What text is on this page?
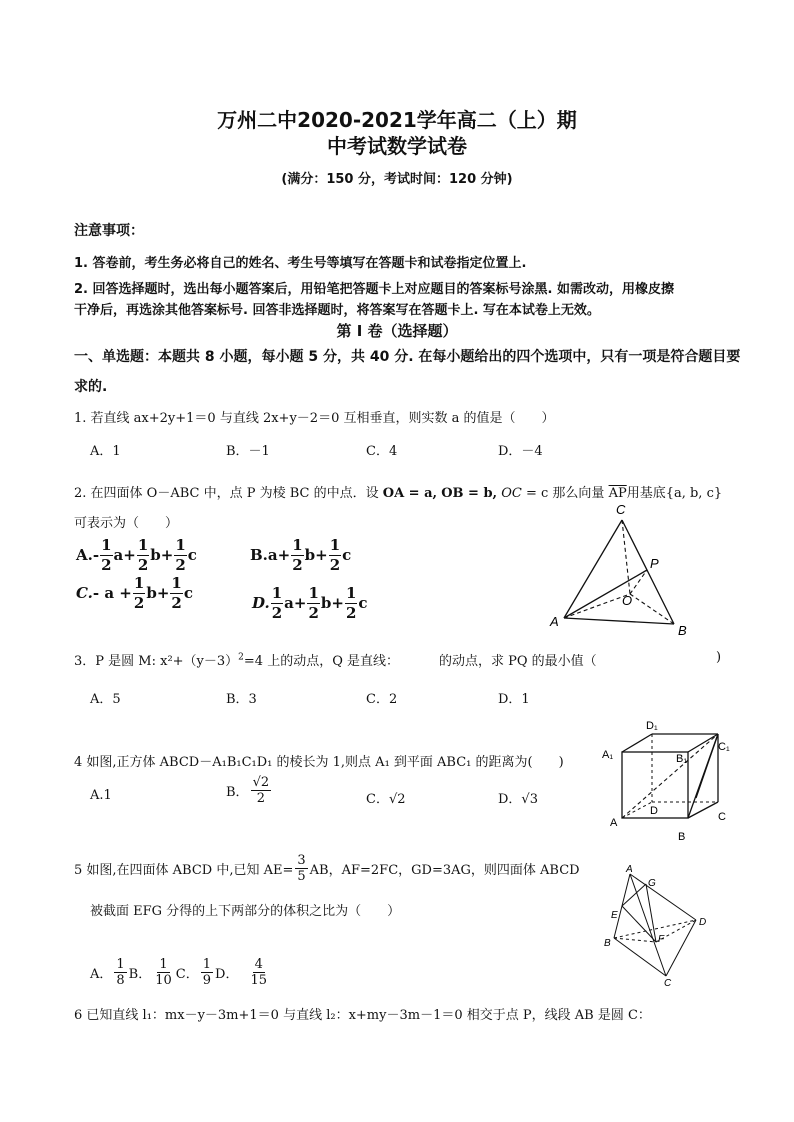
万州二中2020-2021学年高二（上）期
中考试数学试卷
(满分：150 分，考试时间：120 分钟)
注意事项：
1. 答卷前，考生务必将自己的姓名、考生号等填写在答题卡和试卷指定位置上.
2. 回答选择题时，选出每小题答案后，用铅笔把答题卡上对应题目的答案标号涂黑. 如需改动，用橡皮擦
干净后，再选涂其他答案标号. 回答非选择题时，将答案写在答题卡上. 写在本试卷上无效。
第 I 卷（选择题）
一、单选题：本题共 8 小题，每小题 5 分，共 40 分. 在每小题给出的四个选项中，只有一项是符合题目要
求的.
1. 若直线 ax+2y+1＝0 与直线 2x+y－2＝0 互相垂直，则实数 a 的值是（　　）
A．1	B．－1	C．4	D．－4
2. 在四面体 O－ABC 中，点 P 为棱 BC 的中点．设 OA = a, OB = b, OC = c 那么向量 $\overline{AP}$用基底{a, b, c}
可表示为（　　）
$A.- \frac{1}{2} a+ \frac{1}{2} b+ \frac{1}{2}$ c	$B.a+ \frac{1}{2} b+ \frac{1}{2}$ c
C.- $a + \frac{1}{2} b+ \frac{1}{2}$ c
D. $\frac{1}{2} a+ \frac{1}{2} b+ \frac{1}{2}$ c
C
P
O
A
B
3．P 是圆 M: $x^2+(y-3)^2=4$ 上的动点，Q 是直线：	的动点，求 PQ 的最小值（	)
A．5	B．3	C．2	D．1
4 如图,正方体 ABCD－A₁B₁C₁D₁ 的棱长为 1,则点 A₁ 到平面 ABC₁ 的距离为(　　)
A.1	B． $\frac{√2}{2}$	C．√2	D．√3
D₁
A₁	B₁
C₁
D
A
B
C
5 如图,在四面体 ABCD 中,已知 $AE= \frac{3}{5}$ AB，AF=2FC，GD=3AG，则四面体 ABCD
被截面 EFG 分得的上下两部分的体积之比为（　　）
A． $\frac{1}{8}$ B． $\frac{1}{10}$ C． $\frac{1}{9}$ D． $\frac{4}{15}$
A
G
E
D
B	F
C
6 已知直线 l₁：mx－y－3m+1＝0 与直线 l₂：x+my－3m－1＝0 相交于点 P，线段 AB 是圆 C：
